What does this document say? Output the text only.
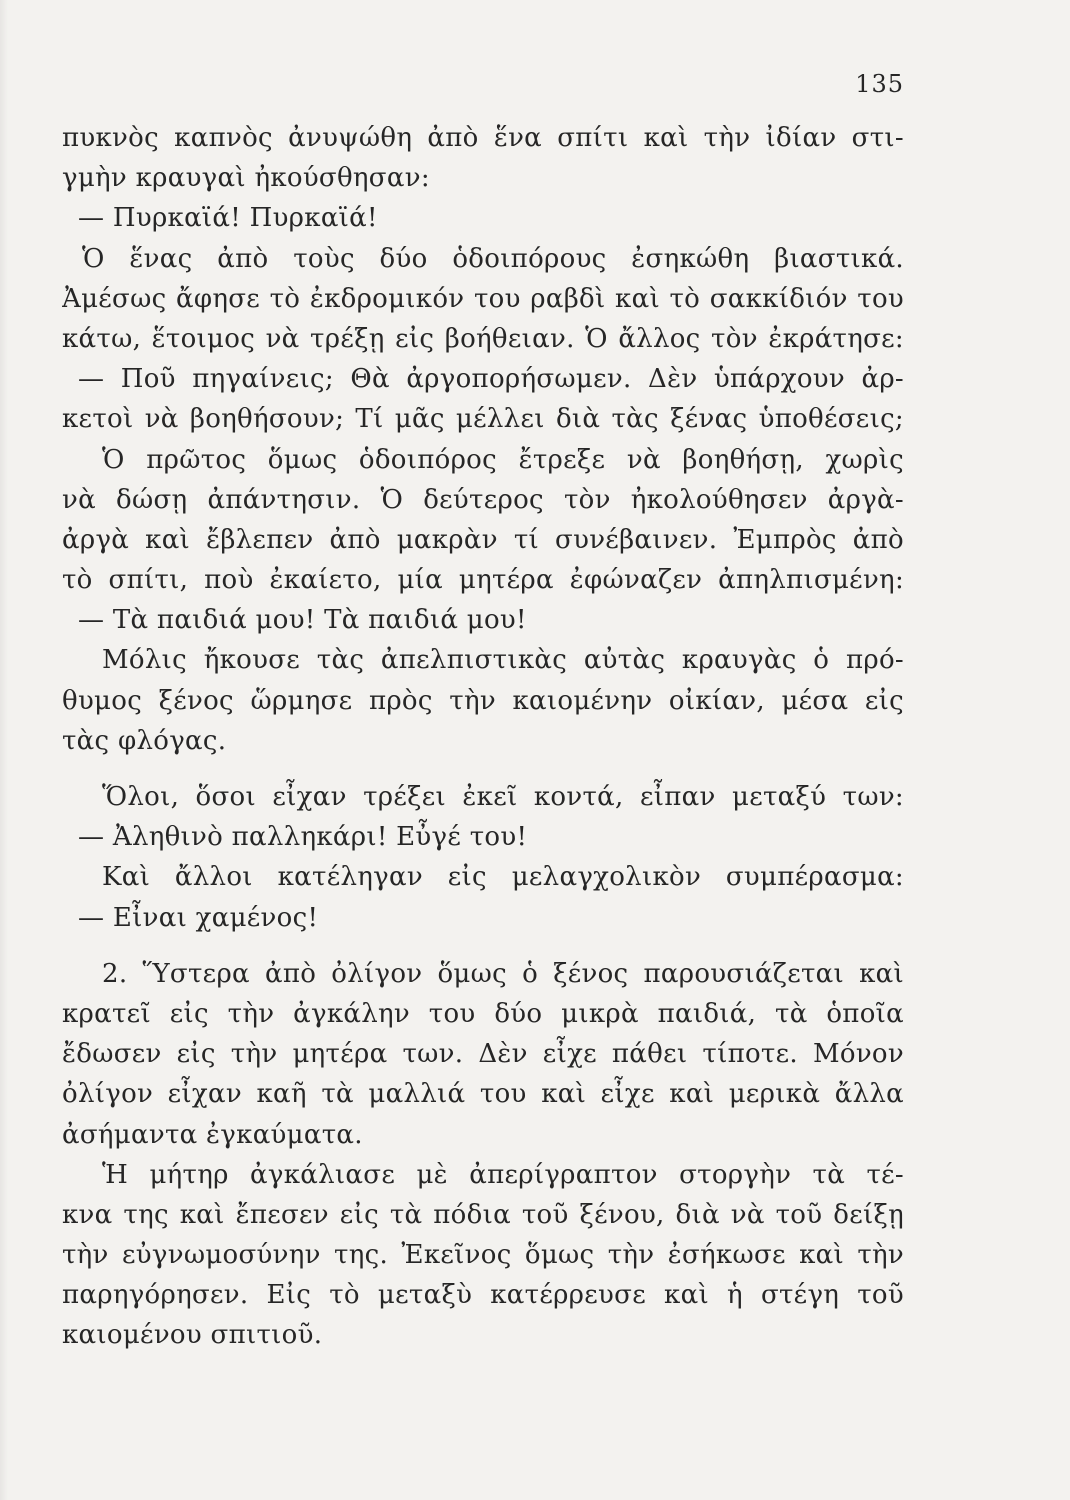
135
πυκνὸς καπνὸς ἀνυψώθη ἀπὸ ἕνα σπίτι καὶ τὴν ἰδίαν στι-
γμὴν κραυγαὶ ἠκούσθησαν:
— Πυρκαϊά! Πυρκαϊά!
Ὁ ἕνας ἀπὸ τοὺς δύο ὁδοιπόρους ἐσηκώθη βιαστικά.
Ἀμέσως ἄφησε τὸ ἐκδρομικόν του ραβδὶ καὶ τὸ σακκίδιόν του
κάτω, ἕτοιμος νὰ τρέξῃ εἰς βοήθειαν. Ὁ ἄλλος τὸν ἐκράτησε:
— Ποῦ πηγαίνεις; Θὰ ἀργοπορήσωμεν. Δὲν ὑπάρχουν ἀρ-
κετοὶ νὰ βοηθήσουν; Τί μᾶς μέλλει διὰ τὰς ξένας ὑποθέσεις;
Ὁ πρῶτος ὅμως ὁδοιπόρος ἔτρεξε νὰ βοηθήσῃ, χωρὶς
νὰ δώσῃ ἀπάντησιν. Ὁ δεύτερος τὸν ἠκολούθησεν ἀργὰ-
ἀργὰ καὶ ἔβλεπεν ἀπὸ μακρὰν τί συνέβαινεν. Ἐμπρὸς ἀπὸ
τὸ σπίτι, ποὺ ἐκαίετο, μία μητέρα ἐφώναζεν ἀπηλπισμένη:
— Τὰ παιδιά μου! Τὰ παιδιά μου!
Μόλις ἤκουσε τὰς ἀπελπιστικὰς αὐτὰς κραυγὰς ὁ πρό-
θυμος ξένος ὥρμησε πρὸς τὴν καιομένην οἰκίαν, μέσα εἰς
τὰς φλόγας.
Ὅλοι, ὅσοι εἶχαν τρέξει ἐκεῖ κοντά, εἶπαν μεταξύ των:
— Ἀληθινὸ παλληκάρι! Εὖγέ του!
Καὶ ἄλλοι κατέληγαν εἰς μελαγχολικὸν συμπέρασμα:
— Εἶναι χαμένος!
2. Ὕστερα ἀπὸ ὀλίγον ὅμως ὁ ξένος παρουσιάζεται καὶ
κρατεῖ εἰς τὴν ἀγκάλην του δύο μικρὰ παιδιά, τὰ ὁποῖα
ἔδωσεν εἰς τὴν μητέρα των. Δὲν εἶχε πάθει τίποτε. Μόνον
ὀλίγον εἶχαν καῆ τὰ μαλλιά του καὶ εἶχε καὶ μερικὰ ἄλλα
ἀσήμαντα ἐγκαύματα.
Ἡ μήτηρ ἀγκάλιασε μὲ ἀπερίγραπτον στοργὴν τὰ τέ-
κνα της καὶ ἔπεσεν εἰς τὰ πόδια τοῦ ξένου, διὰ νὰ τοῦ δείξῃ
τὴν εὐγνωμοσύνην της. Ἐκεῖνος ὅμως τὴν ἐσήκωσε καὶ τὴν
παρηγόρησεν. Εἰς τὸ μεταξὺ κατέρρευσε καὶ ἡ στέγη τοῦ
καιομένου σπιτιοῦ.
